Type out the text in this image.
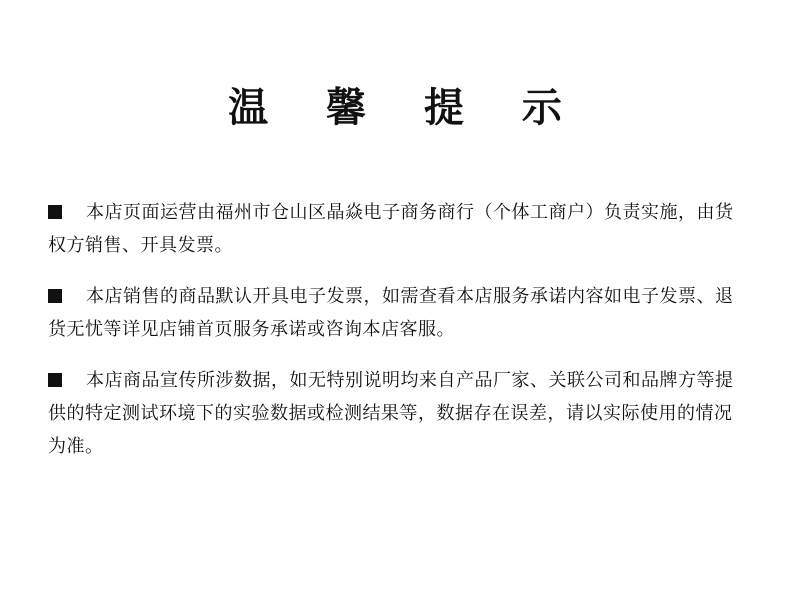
温 馨 提 示
本店页面运营由福州市仓山区晶焱电子商务商行（个体工商户）负责实施，由货权方销售、开具发票。
本店销售的商品默认开具电子发票，如需查看本店服务承诺内容如电子发票、退货无忧等详见店铺首页服务承诺或咨询本店客服。
本店商品宣传所涉数据，如无特别说明均来自产品厂家、关联公司和品牌方等提供的特定测试环境下的实验数据或检测结果等，数据存在误差，请以实际使用的情况为准。
